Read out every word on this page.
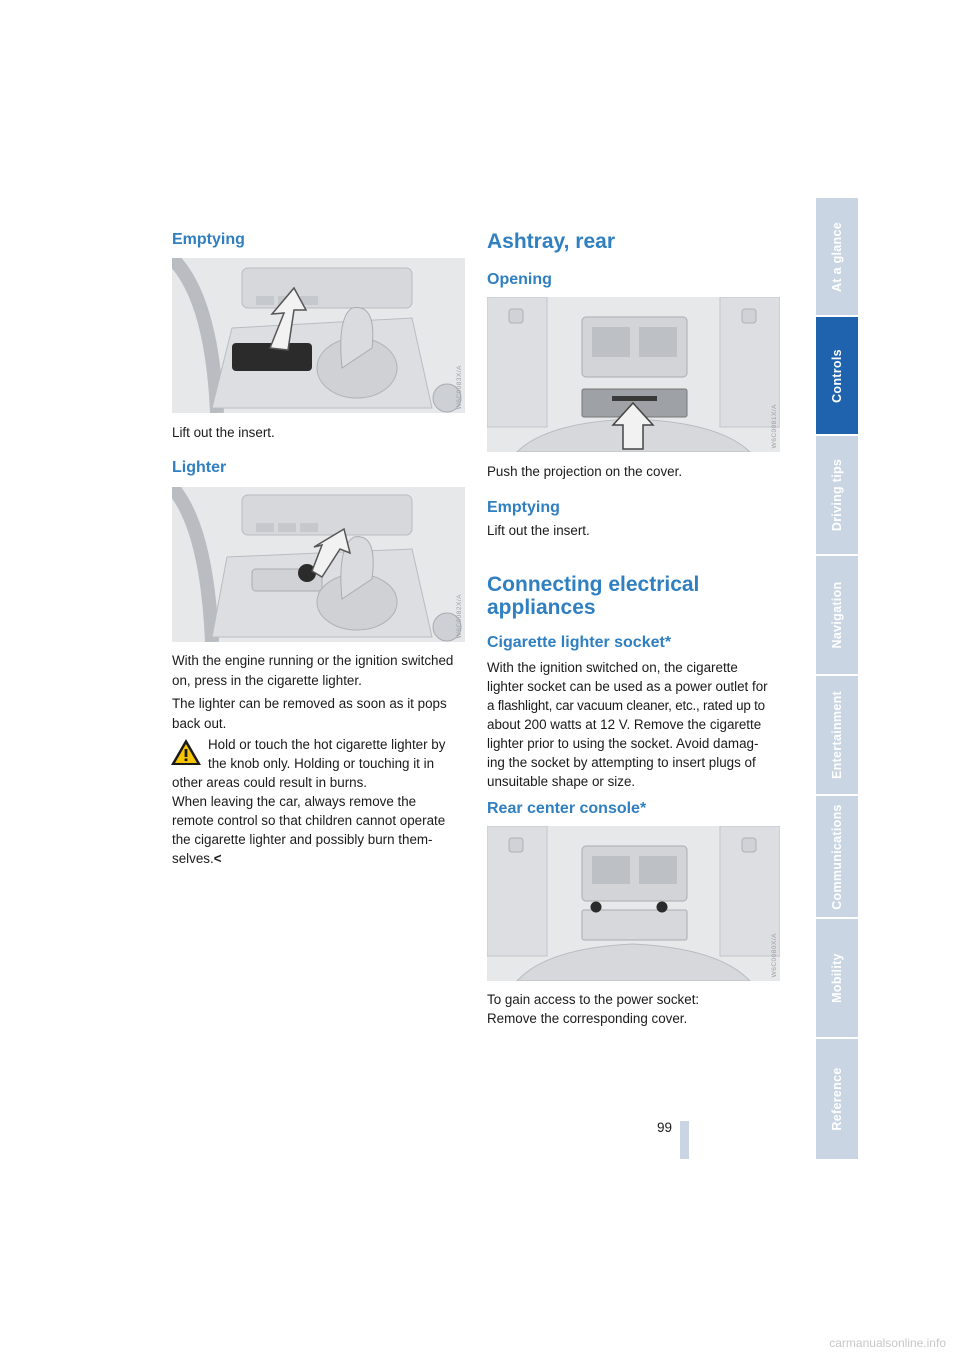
Emptying
W6C0083X/A
Lift out the insert.
Lighter
W6C0082X/A
With the engine running or the ignition switched on, press in the cigarette lighter.
The lighter can be removed as soon as it pops back out.
Hold or touch the hot cigarette lighter by
the knob only. Holding or touching it in
other areas could result in burns.
When leaving the car, always remove the
remote control so that children cannot operate
the cigarette lighter and possibly burn them-
selves.<
Ashtray, rear
Opening
W6C0081X/A
Push the projection on the cover.
Emptying
Lift out the insert.
Connecting electrical
appliances
Cigarette lighter socket*
With the ignition switched on, the cigarette
lighter socket can be used as a power outlet for
a flashlight, car vacuum cleaner, etc., rated up to
about 200 watts at 12 V. Remove the cigarette
lighter prior to using the socket. Avoid damag-
ing the socket by attempting to insert plugs of
unsuitable shape or size.
Rear center console*
W6C0080X/A
To gain access to the power socket:
Remove the corresponding cover.
At a glance
Controls
Driving tips
Navigation
Entertainment
Communications
Mobility
Reference
99
carmanualsonline.info
